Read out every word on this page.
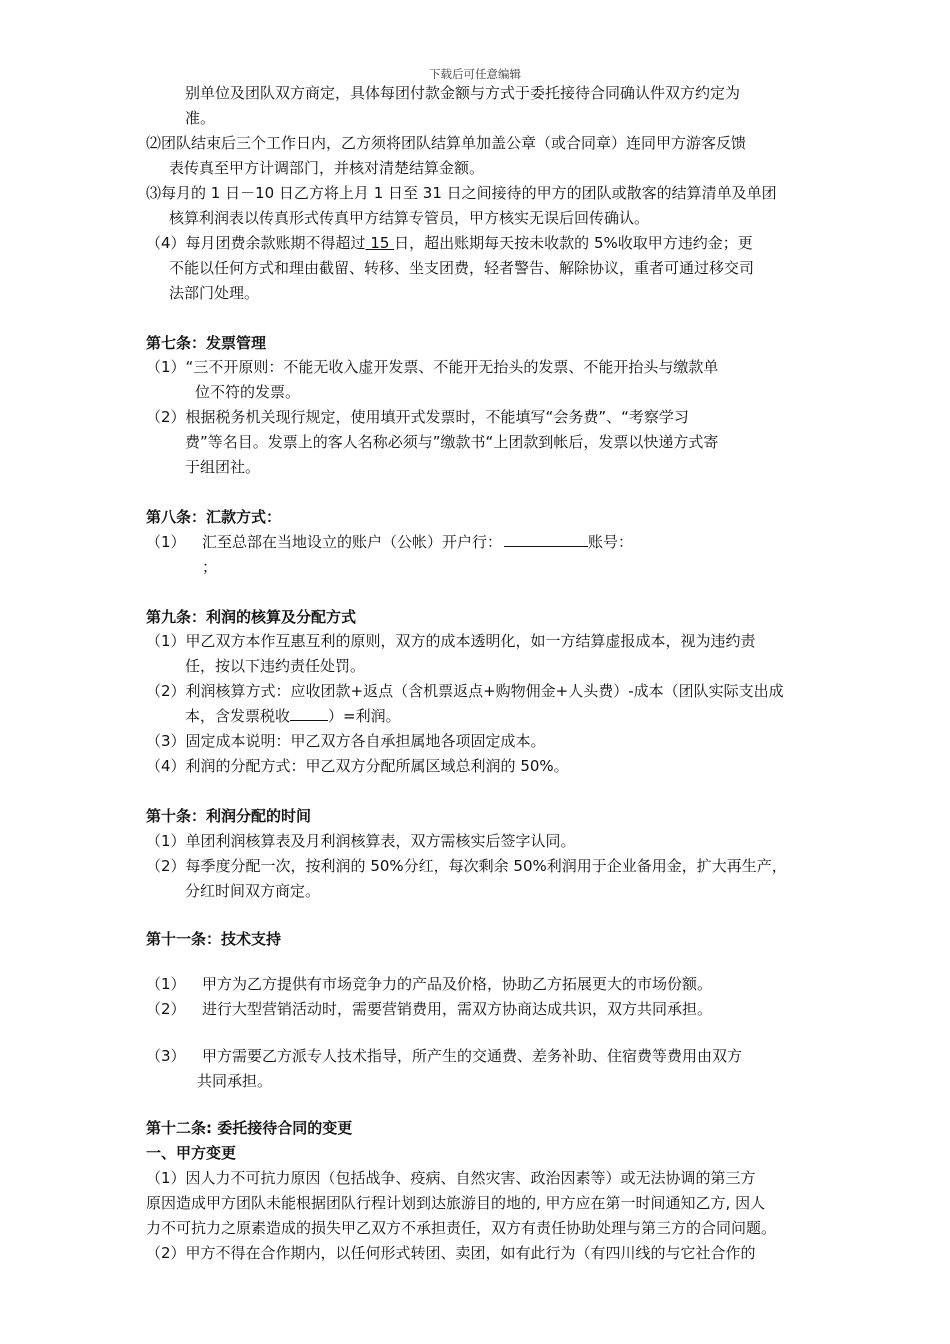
下载后可任意编辑
别单位及团队双方商定，具体每团付款金额与方式于委托接待合同确认件双方约定为
准。
⑵团队结束后三个工作日内，乙方须将团队结算单加盖公章（或合同章）连同甲方游客反馈
表传真至甲方计调部门，并核对清楚结算金额。
⑶每月的 1 日－10 日乙方将上月 1 日至 31 日之间接待的甲方的团队或散客的结算清单及单团
核算利润表以传真形式传真甲方结算专管员，甲方核实无误后回传确认。
（4）每月团费余款账期不得超过 15 日，超出账期每天按未收款的 5%收取甲方违约金；更
不能以任何方式和理由截留、转移、坐支团费，轻者警告、解除协议，重者可通过移交司
法部门处理。
第七条：发票管理
（1）“三不开原则：不能无收入虚开发票、不能开无抬头的发票、不能开抬头与缴款单
位不符的发票。
（2）根据税务机关现行规定，使用填开式发票时，不能填写“会务费”、“考察学习
费”等名目。发票上的客人名称必须与”缴款书“上团款到帐后，发票以快递方式寄
于组团社。
第八条：汇款方式：
（1） 汇至总部在当地设立的账户（公帐）开户行：	账号：
；
第九条：利润的核算及分配方式
（1）甲乙双方本作互惠互利的原则，双方的成本透明化，如一方结算虚报成本，视为违约责
任，按以下违约责任处罚。
（2）利润核算方式：应收团款+返点（含机票返点+购物佣金+人头费）-成本（团队实际支出成
本，含发票税收	）=利润。
（3）固定成本说明：甲乙双方各自承担属地各项固定成本。
（4）利润的分配方式：甲乙双方分配所属区域总利润的 50%。
第十条：利润分配的时间
（1）单团利润核算表及月利润核算表，双方需核实后签字认同。
（2）每季度分配一次，按利润的 50%分红，每次剩余 50%利润用于企业备用金，扩大再生产，
分红时间双方商定。
第十一条：技术支持
（1） 甲方为乙方提供有市场竞争力的产品及价格，协助乙方拓展更大的市场份额。
（2） 进行大型营销活动时，需要营销费用，需双方协商达成共识，双方共同承担。
（3） 甲方需要乙方派专人技术指导，所产生的交通费、差务补助、住宿费等费用由双方
共同承担。
第十二条: 委托接待合同的变更
一、甲方变更
（1）因人力不可抗力原因（包括战争、疫病、自然灾害、政治因素等）或无法协调的第三方
原因造成甲方团队未能根据团队行程计划到达旅游目的地的, 甲方应在第一时间通知乙方, 因人
力不可抗力之原素造成的损失甲乙双方不承担责任，双方有责任协助处理与第三方的合同问题。
（2）甲方不得在合作期内，以任何形式转团、卖团，如有此行为（有四川线的与它社合作的
